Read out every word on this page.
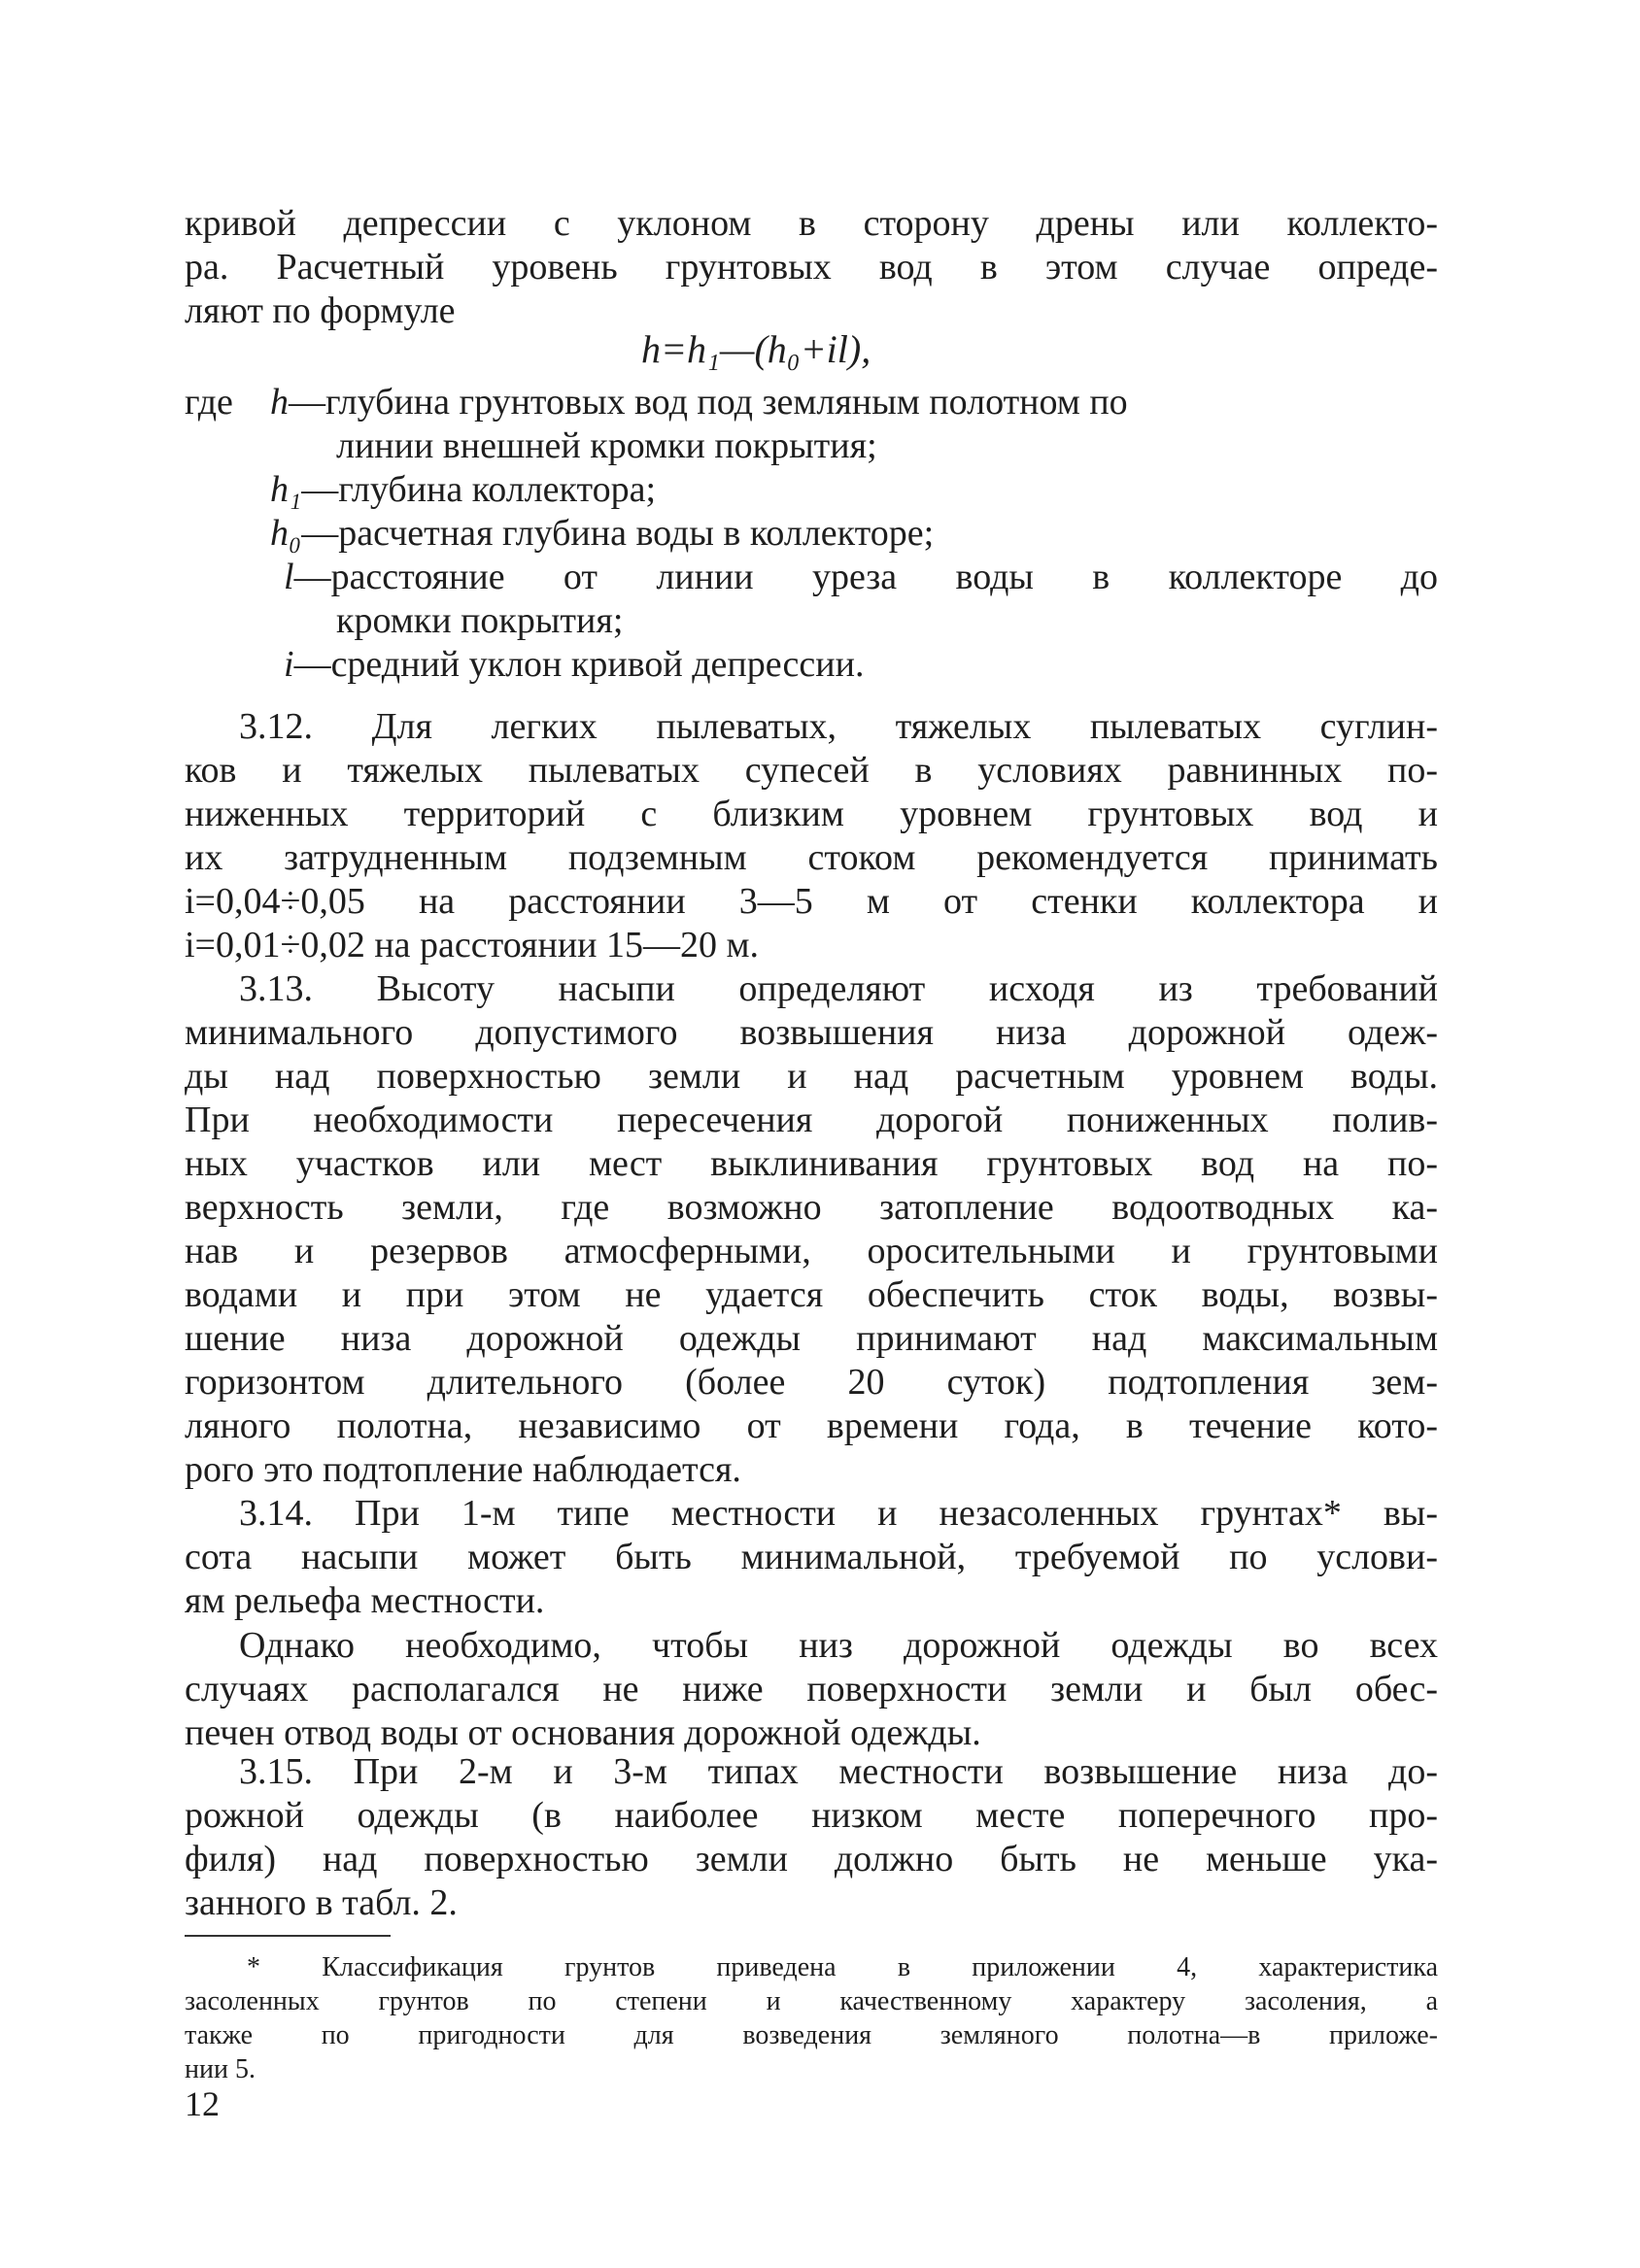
кривой депрессии с уклоном в сторону дрены или коллекто-
ра. Расчетный уровень грунтовых вод в этом случае опреде-
ляют по формуле
h=h₁—(h₀+il),
где h—глубина грунтовых вод под земляным полотном по
линии внешней кромки покрытия;
h₁—глубина коллектора;
h₀—расчетная глубина воды в коллекторе;
l—расстояние от линии уреза воды в коллекторе до
кромки покрытия;
i—средний уклон кривой депрессии.
3.12. Для легких пылеватых, тяжелых пылеватых суглин-
ков и тяжелых пылеватых супесей в условиях равнинных по-
ниженных территорий с близким уровнем грунтовых вод и
их затрудненным подземным стоком рекомендуется принимать
i=0,04÷0,05 на расстоянии 3—5 м от стенки коллектора и
i=0,01÷0,02 на расстоянии 15—20 м.
3.13. Высоту насыпи определяют исходя из требований
минимального допустимого возвышения низа дорожной одеж-
ды над поверхностью земли и над расчетным уровнем воды.
При необходимости пересечения дорогой пониженных полив-
ных участков или мест выклинивания грунтовых вод на по-
верхность земли, где возможно затопление водоотводных ка-
нав и резервов атмосферными, оросительными и грунтовыми
водами и при этом не удается обеспечить сток воды, возвы-
шение низа дорожной одежды принимают над максимальным
горизонтом длительного (более 20 суток) подтопления зем-
ляного полотна, независимо от времени года, в течение кото-
рого это подтопление наблюдается.
3.14. При 1-м типе местности и незасоленных грунтах* вы-
сота насыпи может быть минимальной, требуемой по услови-
ям рельефа местности.
Однако необходимо, чтобы низ дорожной одежды во всех
случаях располагался не ниже поверхности земли и был обес-
печен отвод воды от основания дорожной одежды.
3.15. При 2-м и 3-м типах местности возвышение низа до-
рожной одежды (в наиболее низком месте поперечного про-
филя) над поверхностью земли должно быть не меньше ука-
занного в табл. 2.
* Классификация грунтов приведена в приложении 4, характеристика
засоленных грунтов по степени и качественному характеру засоления, а
также по пригодности для возведения земляного полотна—в приложе-
нии 5.
12
